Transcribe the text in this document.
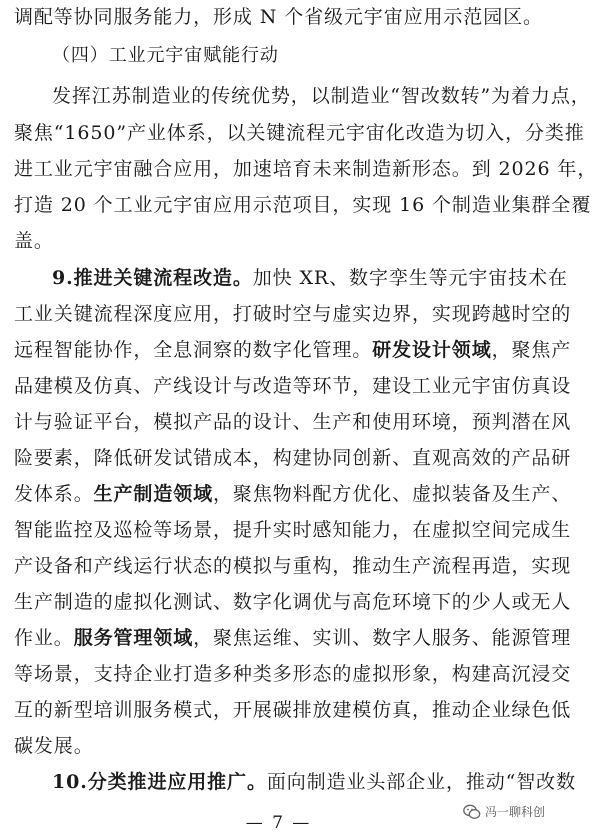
调配等协同服务能力，形成 N 个省级元宇宙应用示范园区。
（四）工业元宇宙赋能行动
发挥江苏制造业的传统优势，以制造业“智改数转”为着力点，
聚焦“1650”产业体系，以关键流程元宇宙化改造为切入，分类推
进工业元宇宙融合应用，加速培育未来制造新形态。到 2026 年，
打造 20 个工业元宇宙应用示范项目，实现 16 个制造业集群全覆
盖。
9.推进关键流程改造。加快 XR、数字孪生等元宇宙技术在
工业关键流程深度应用，打破时空与虚实边界，实现跨越时空的
远程智能协作，全息洞察的数字化管理。研发设计领域，聚焦产
品建模及仿真、产线设计与改造等环节，建设工业元宇宙仿真设
计与验证平台，模拟产品的设计、生产和使用环境，预判潜在风
险要素，降低研发试错成本，构建协同创新、直观高效的产品研
发体系。生产制造领域，聚焦物料配方优化、虚拟装备及生产、
智能监控及巡检等场景，提升实时感知能力，在虚拟空间完成生
产设备和产线运行状态的模拟与重构，推动生产流程再造，实现
生产制造的虚拟化测试、数字化调优与高危环境下的少人或无人
作业。服务管理领域，聚焦运维、实训、数字人服务、能源管理
等场景，支持企业打造多种类多形态的虚拟形象，构建高沉浸交
互的新型培训服务模式，开展碳排放建模仿真，推动企业绿色低
碳发展。
10.分类推进应用推广。面向制造业头部企业，推动“智改数
— 7 —
冯一聊科创
